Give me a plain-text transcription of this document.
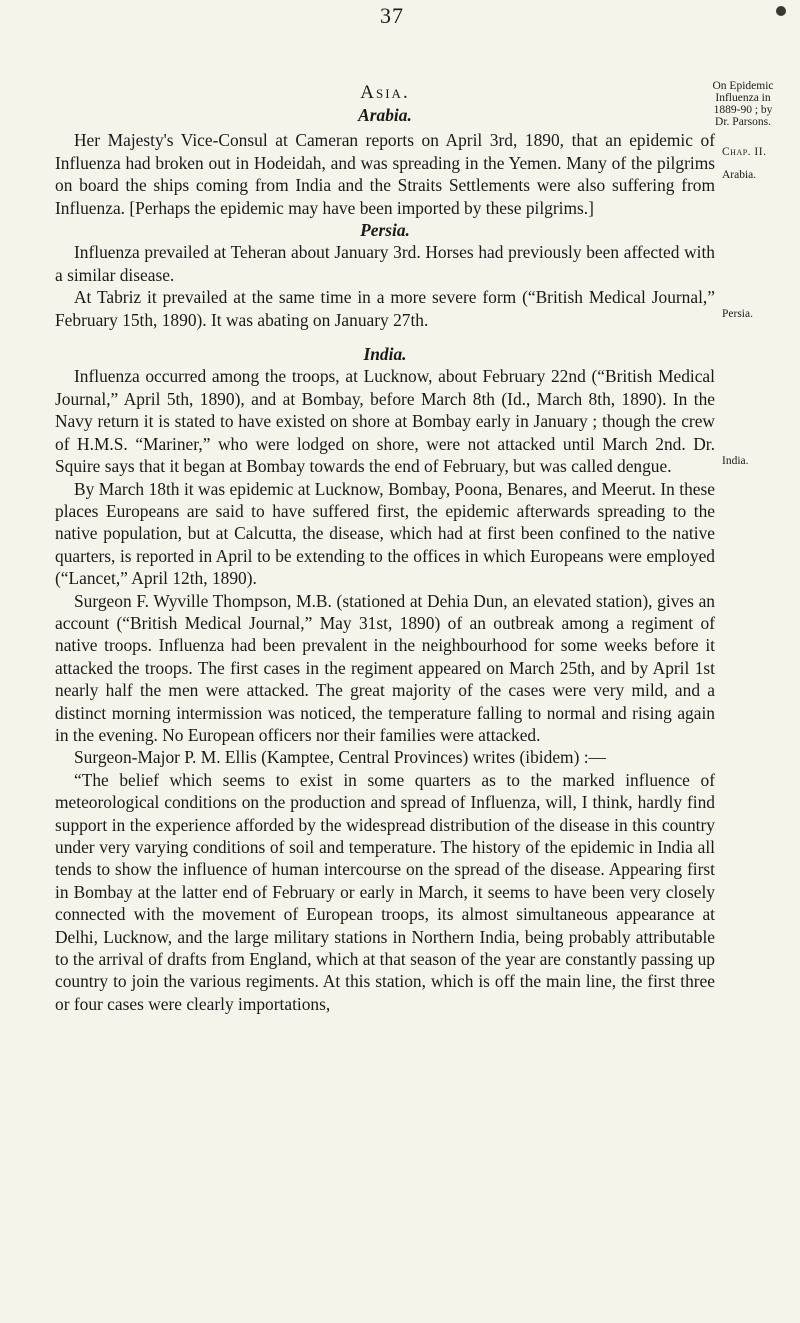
37
On Epidemic
Influenza in
1889-90 ; by
Dr. Parsons.
Chap. II.
Arabia.
Persia.
India.
Asia.
Arabia.

Her Majesty's Vice-Consul at Cameran reports on April 3rd, 1890, that an epidemic of Influenza had broken out in Hodeidah, and was spreading in the Yemen. Many of the pilgrims on board the ships coming from India and the Straits Settlements were also suffering from Influenza. [Perhaps the epidemic may have been imported by these pilgrims.]

Persia.

Influenza prevailed at Teheran about January 3rd. Horses had previously been affected with a similar disease.

At Tabriz it prevailed at the same time in a more severe form (“British Medical Journal,” February 15th, 1890). It was abating on January 27th.

India.

Influenza occurred among the troops, at Lucknow, about February 22nd (“British Medical Journal,” April 5th, 1890), and at Bombay, before March 8th (Id., March 8th, 1890). In the Navy return it is stated to have existed on shore at Bombay early in January ; though the crew of H.M.S. “Mariner,” who were lodged on shore, were not attacked until March 2nd. Dr. Squire says that it began at Bombay towards the end of February, but was called dengue.

By March 18th it was epidemic at Lucknow, Bombay, Poona, Benares, and Meerut. In these places Europeans are said to have suffered first, the epidemic afterwards spreading to the native population, but at Calcutta, the disease, which had at first been confined to the native quarters, is reported in April to be extending to the offices in which Europeans were employed (“Lancet,” April 12th, 1890).

Surgeon F. Wyville Thompson, M.B. (stationed at Dehia Dun, an elevated station), gives an account (“British Medical Journal,” May 31st, 1890) of an outbreak among a regiment of native troops. Influenza had been prevalent in the neighbourhood for some weeks before it attacked the troops. The first cases in the regiment appeared on March 25th, and by April 1st nearly half the men were attacked. The great majority of the cases were very mild, and a distinct morning intermission was noticed, the temperature falling to normal and rising again in the evening. No European officers nor their families were attacked.

Surgeon-Major P. M. Ellis (Kamptee, Central Provinces) writes (ibidem) :—

“The belief which seems to exist in some quarters as to the marked influence of meteorological conditions on the production and spread of Influenza, will, I think, hardly find support in the experience afforded by the widespread distribution of the disease in this country under very varying conditions of soil and temperature. The history of the epidemic in India all tends to show the influence of human intercourse on the spread of the disease. Appearing first in Bombay at the latter end of February or early in March, it seems to have been very closely connected with the movement of European troops, its almost simultaneous appearance at Delhi, Lucknow, and the large military stations in Northern India, being probably attributable to the arrival of drafts from England, which at that season of the year are constantly passing up country to join the various regiments. At this station, which is off the main line, the first three or four cases were clearly importations,
